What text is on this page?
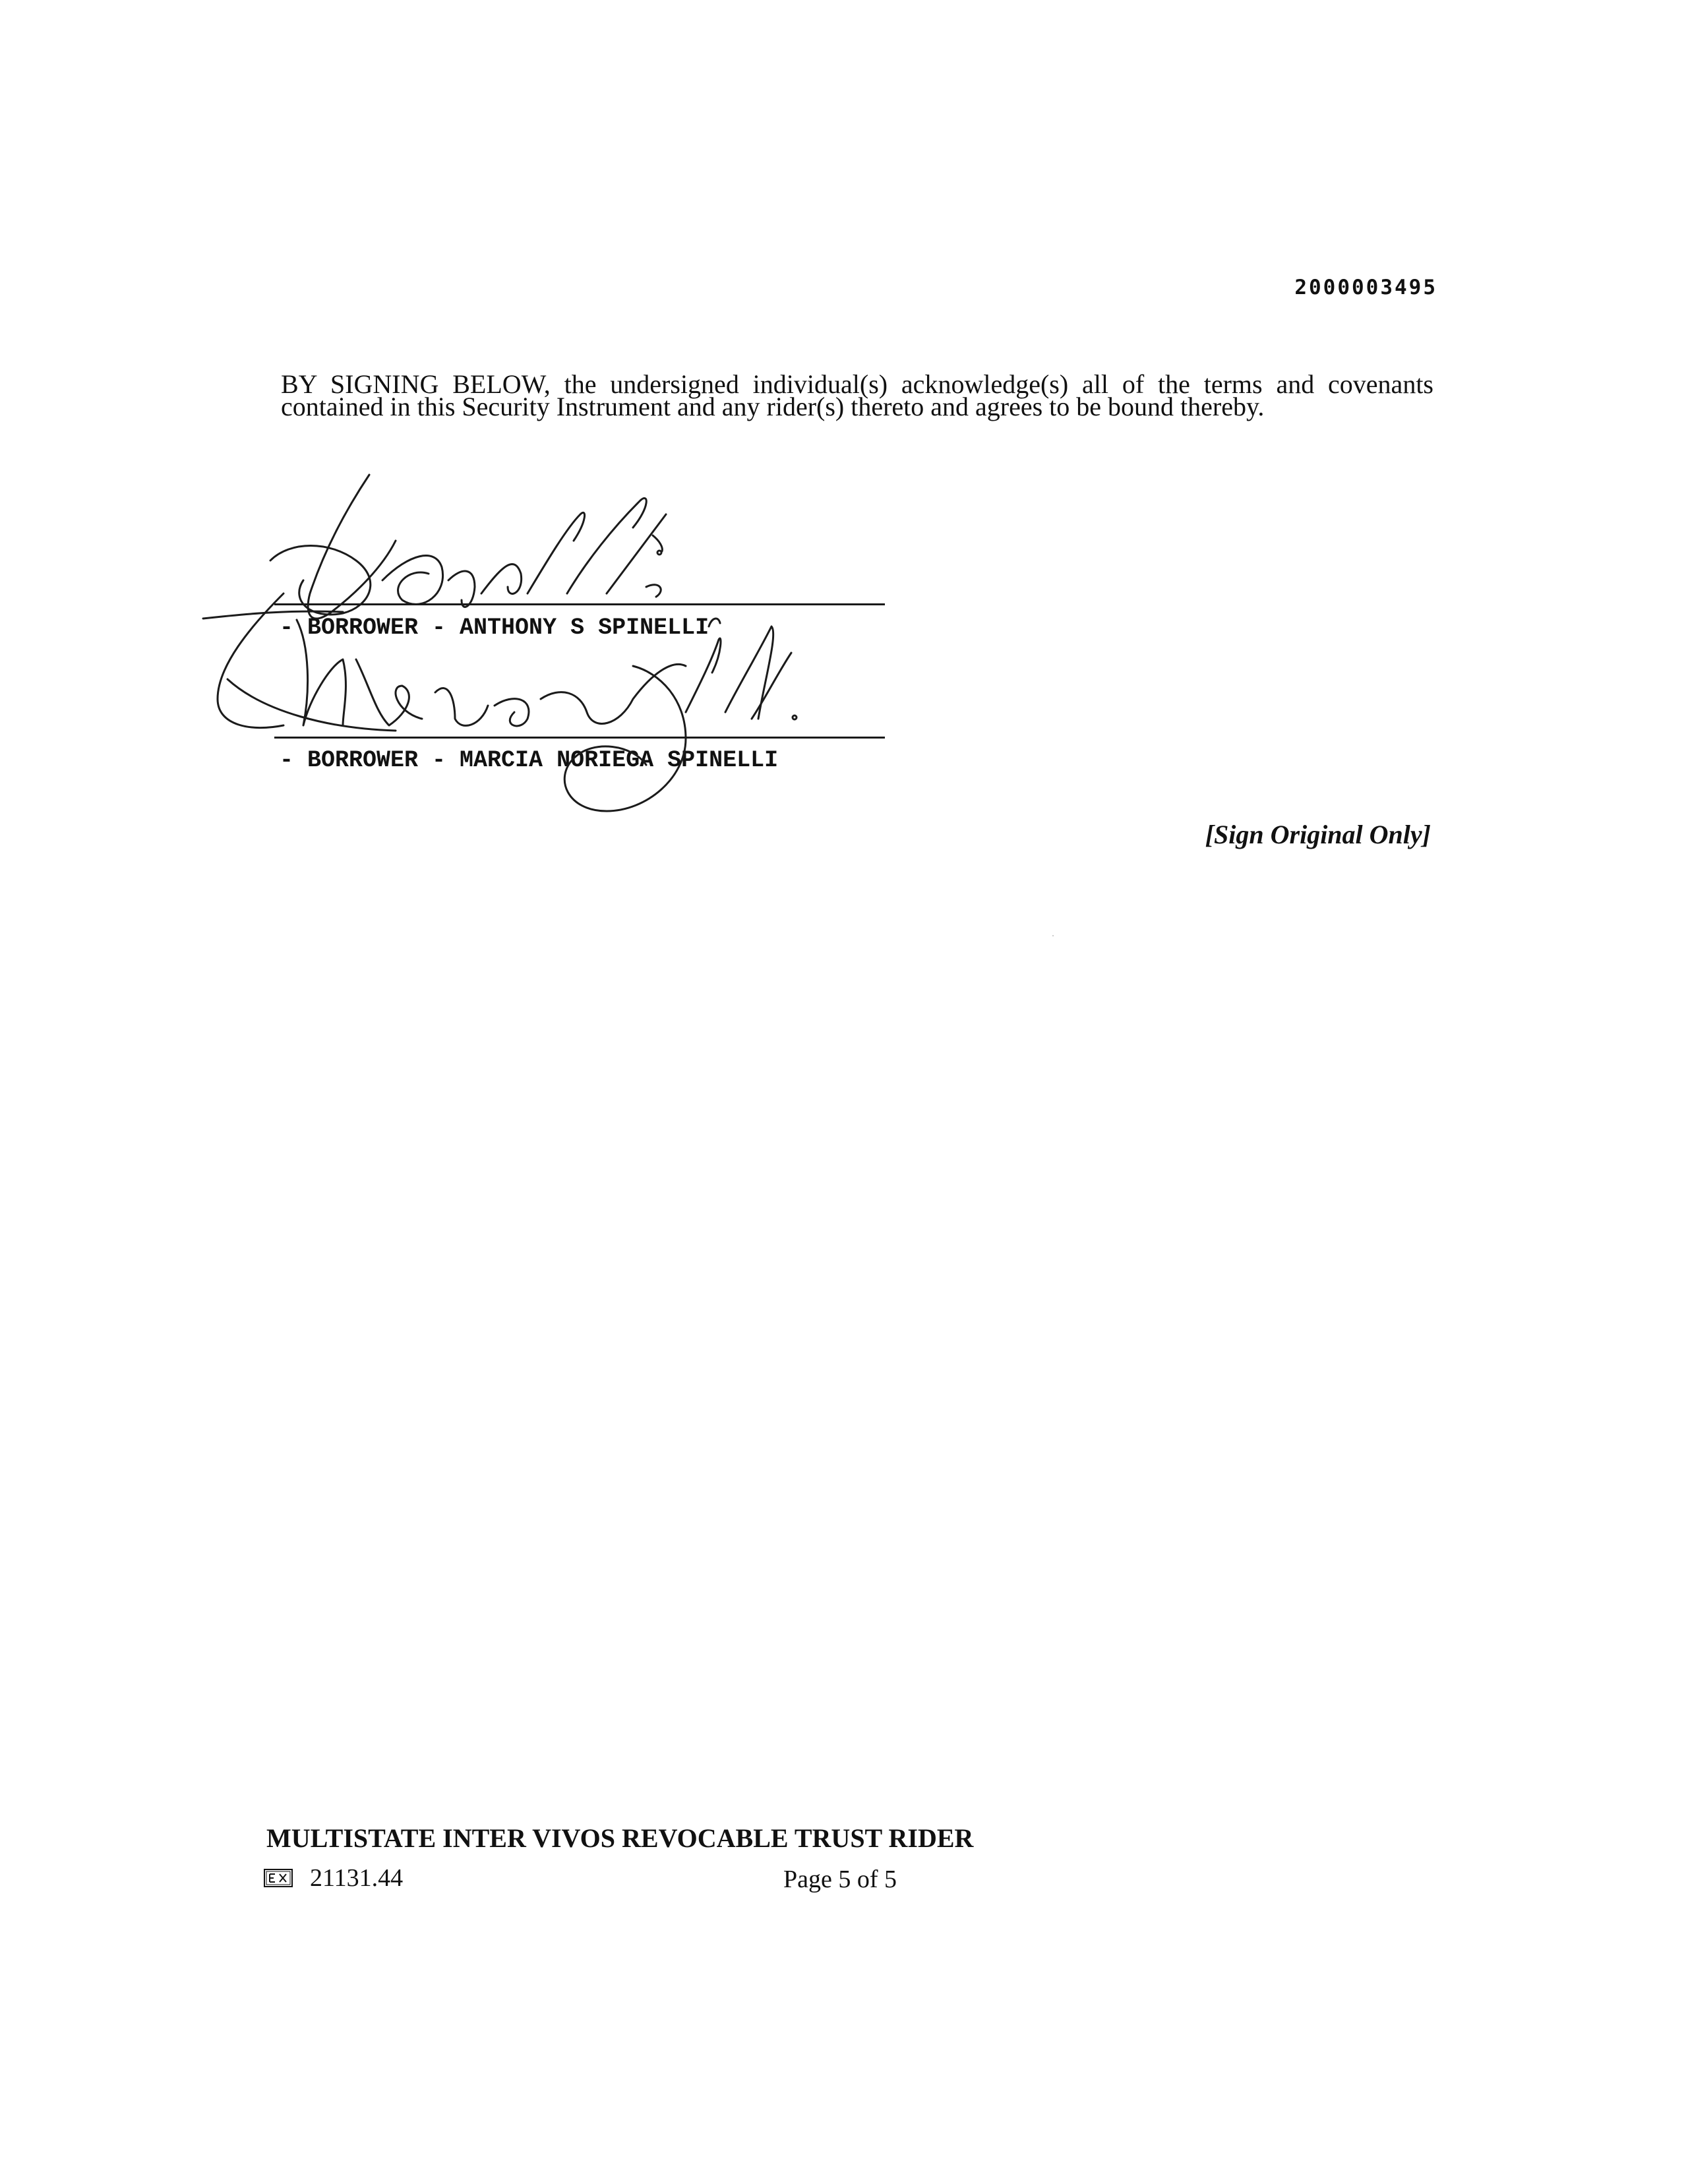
2000003495
BY SIGNING BELOW, the undersigned individual(s) acknowledge(s) all of the terms and covenants contained in this Security Instrument and any rider(s) thereto and agrees to be bound thereby.
- BORROWER - ANTHONY S SPINELLI
- BORROWER - MARCIA NORIEGA SPINELLI
[Sign Original Only]
MULTISTATE INTER VIVOS REVOCABLE TRUST RIDER
21131.44	Page 5 of 5
